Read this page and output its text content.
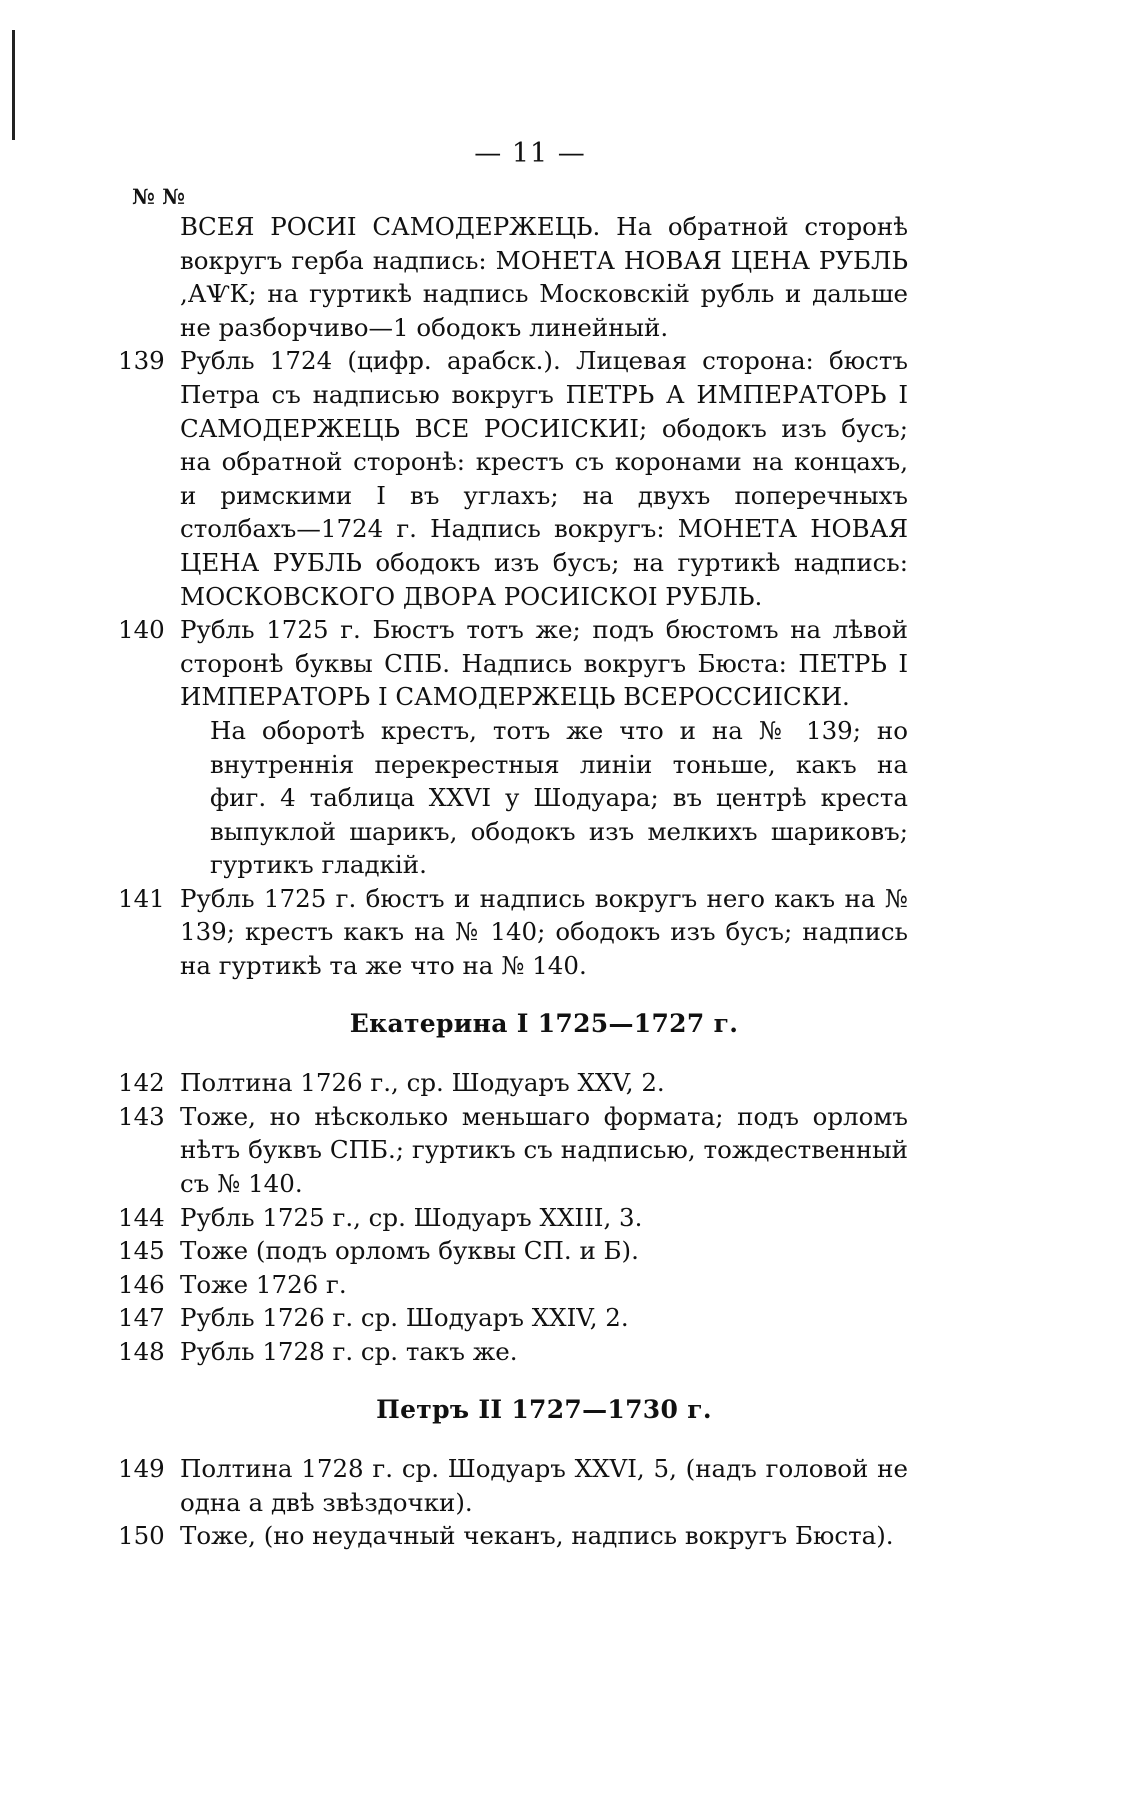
— 11 —
№ №
ВСЕЯ РОСИІ САМОДЕРЖЕЦЬ. На обратной сторонѣ вокругъ герба надпись: МОНЕТА НОВАЯ ЦЕНА РУБЛЬ ,АѰК; на гуртикѣ надпись Московскій рубль и дальше не разборчиво—1 ободокъ линейный.
139 Рубль 1724 (цифр. арабск.). Лицевая сторона: бюстъ Петра съ надписью вокругъ ПЕТРЬ А ИМПЕРАТОРЬ І САМОДЕРЖЕЦЬ ВСЕ РОСИІСКИІ; ободокъ изъ бусъ; на обратной сторонѣ: крестъ съ коронами на концахъ, и римскими І въ углахъ; на двухъ поперечныхъ столбахъ—1724 г. Надпись вокругъ: МОНЕТА НОВАЯ ЦЕНА РУБЛЬ ободокъ изъ бусъ; на гуртикѣ надпись: МОСКОВСКОГО ДВОРА РОСИІСКОІ РУБЛЬ.
140 Рубль 1725 г. Бюстъ тотъ же; подъ бюстомъ на лѣвой сторонѣ буквы СПБ. Надпись вокругъ Бюста: ПЕТРЬ І ИМПЕРАТОРЬ І САМОДЕРЖЕЦЬ ВСЕРОССИІСКИ.
На оборотѣ крестъ, тотъ же что и на № 139; но внутреннія перекрестныя линіи тоньше, какъ на фиг. 4 таблица XXVI у Шодуара; въ центрѣ креста выпуклой шарикъ, ободокъ изъ мелкихъ шариковъ; гуртикъ гладкій.
141 Рубль 1725 г. бюстъ и надпись вокругъ него какъ на № 139; крестъ какъ на № 140; ободокъ изъ бусъ; надпись на гуртикѣ та же что на № 140.
Екатерина I 1725—1727 г.
142 Полтина 1726 г., ср. Шодуаръ XXV, 2.
143 Тоже, но нѣсколько меньшаго формата; подъ орломъ нѣтъ буквъ СПБ.; гуртикъ съ надписью, тождественный съ № 140.
144 Рубль 1725 г., ср. Шодуаръ XXIII, 3.
145 Тоже (подъ орломъ буквы СП. и Б).
146 Тоже 1726 г.
147 Рубль 1726 г. ср. Шодуаръ XXIV, 2.
148 Рубль 1728 г. ср. такъ же.
Петръ II 1727—1730 г.
149 Полтина 1728 г. ср. Шодуаръ XXVI, 5, (надъ головой не одна а двѣ звѣздочки).
150 Тоже, (но неудачный чеканъ, надпись вокругъ Бюста).
